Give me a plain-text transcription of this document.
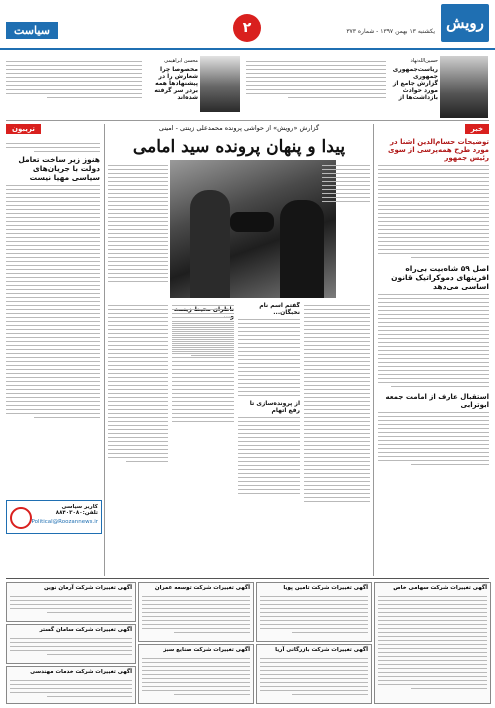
رویش
یکشنبه ۱۳ بهمن ۱۳۹۷ - شماره ۳۷۳
۲
سیاست
حسین‌الله‌نهاد
ریاست‌جمهوری جمهوری گزارش جامع از مورد حوادث بازداشت‌ها از
محسن ابراهیمی
مخصوصا چرا شعارش را در پیشنهادها همه بردر سر گرفته شده‌اند
خبر
توضیحات حسام‌الدین آشنا در مورد طرح همه‌پرسی از سوی رئیس جمهور
اصل ۵۹ شاه‌بیت بی‌راه افرینهای دموکراتیک قانون اساسی می‌دهد
استقبال عارف از امامت جمعه ابوترابی
گزارش «رویش» از حواشی پرونده محمدعلی زینتی - امینی
پیدا و پنهان پرونده سید امامی
گفتم اسم نام نخبگان...
از پرونده‌سازی تا رفع اتهام
تریبون
هنوز زیر ساخت تعامل دولت با جریان‌های سیاسی مهیا نیست
کاربر سیاسی تلفن:۸۸۴۰۳۰۸۰
Political@Roozannews.ir
آگهی تغییرات شرکت سهامی خاص
آگهی تغییرات شرکت تامین پویا
آگهی تغییرات شرکت بازرگانی آریا
آگهی تغییرات شرکت توسعه عمران
آگهی تغییرات شرکت صنایع سبز
آگهی تغییرات شرکت آرمان نوین
آگهی تغییرات شرکت سامان گستر
آگهی تغییرات شرکت خدمات مهندسی
